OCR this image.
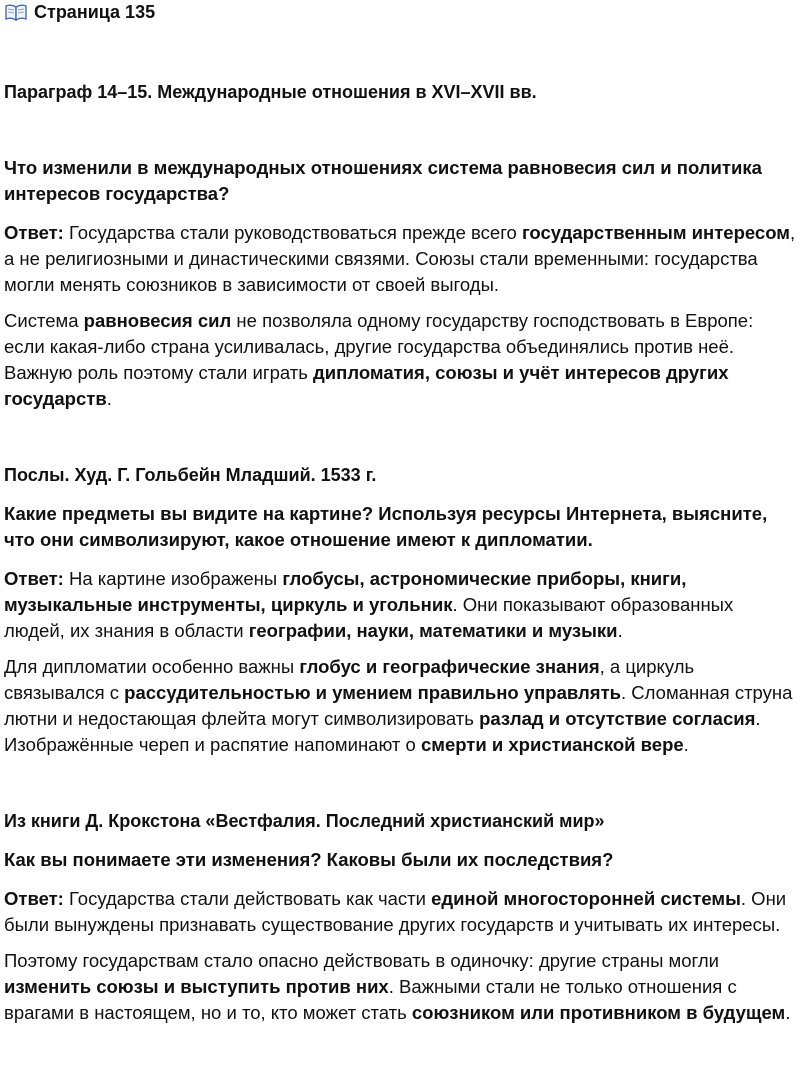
Страница 135
Параграф 14–15. Международные отношения в XVI–XVII вв.

Что изменили в международных отношениях система равновесия сил и политика интересов государства?

Ответ: Государства стали руководствоваться прежде всего государственным интересом, а не религиозными и династическими связями. Союзы стали временными: государства могли менять союзников в зависимости от своей выгоды.

Система равновесия сил не позволяла одному государству господствовать в Европе: если какая-либо страна усиливалась, другие государства объединялись против неё. Важную роль поэтому стали играть дипломатия, союзы и учёт интересов других государств.

Послы. Худ. Г. Гольбейн Младший. 1533 г.

Какие предметы вы видите на картине? Используя ресурсы Интернета, выясните, что они символизируют, какое отношение имеют к дипломатии.

Ответ: На картине изображены глобусы, астрономические приборы, книги, музыкальные инструменты, циркуль и угольник. Они показывают образованных людей, их знания в области географии, науки, математики и музыки.

Для дипломатии особенно важны глобус и географические знания, а циркуль связывался с рассудительностью и умением правильно управлять. Сломанная струна лютни и недостающая флейта могут символизировать разлад и отсутствие согласия. Изображённые череп и распятие напоминают о смерти и христианской вере.

Из книги Д. Крокстона «Вестфалия. Последний христианский мир»

Как вы понимаете эти изменения? Каковы были их последствия?

Ответ: Государства стали действовать как части единой многосторонней системы. Они были вынуждены признавать существование других государств и учитывать их интересы.

Поэтому государствам стало опасно действовать в одиночку: другие страны могли изменить союзы и выступить против них. Важными стали не только отношения с врагами в настоящем, но и то, кто может стать союзником или противником в будущем.
